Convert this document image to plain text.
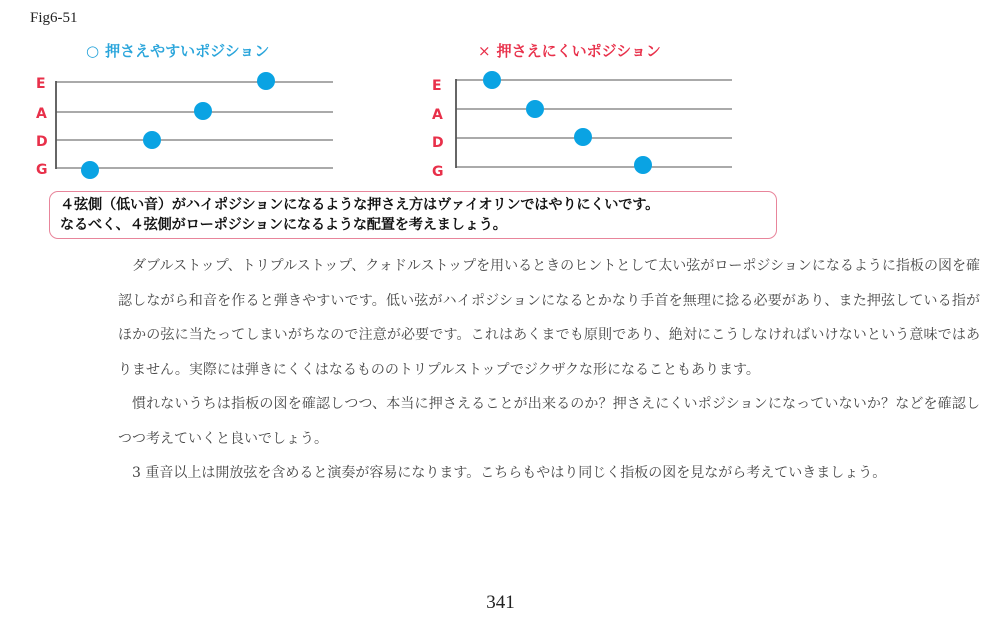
Fig6-51
○ 押さえやすいポジション	× 押さえにくいポジション
E
A
D
G
E
A
D
G
４弦側（低い音）がハイポジションになるような押さえ方はヴァイオリンではやりにくいです。
なるべく、４弦側がローポジションになるような配置を考えましょう。

ダブルストップ、トリプルストップ、クォドルストップを用いるときのヒントとして太い弦がローポジションになるように指板の図を確認しながら和音を作ると弾きやすいです。低い弦がハイポジションになるとかなり手首を無理に捻る必要があり、また押弦している指がほかの弦に当たってしまいがちなので注意が必要です。これはあくまでも原則であり、絶対にこうしなければいけないという意味ではありません。実際には弾きにくくはなるもののトリプルストップでジクザクな形になることもあります。

慣れないうちは指板の図を確認しつつ、本当に押さえることが出来るのか？押さえにくいポジションになっていないか？などを確認しつつ考えていくと良いでしょう。

3 重音以上は開放弦を含めると演奏が容易になります。こちらもやはり同じく指板の図を見ながら考えていきましょう。

341
